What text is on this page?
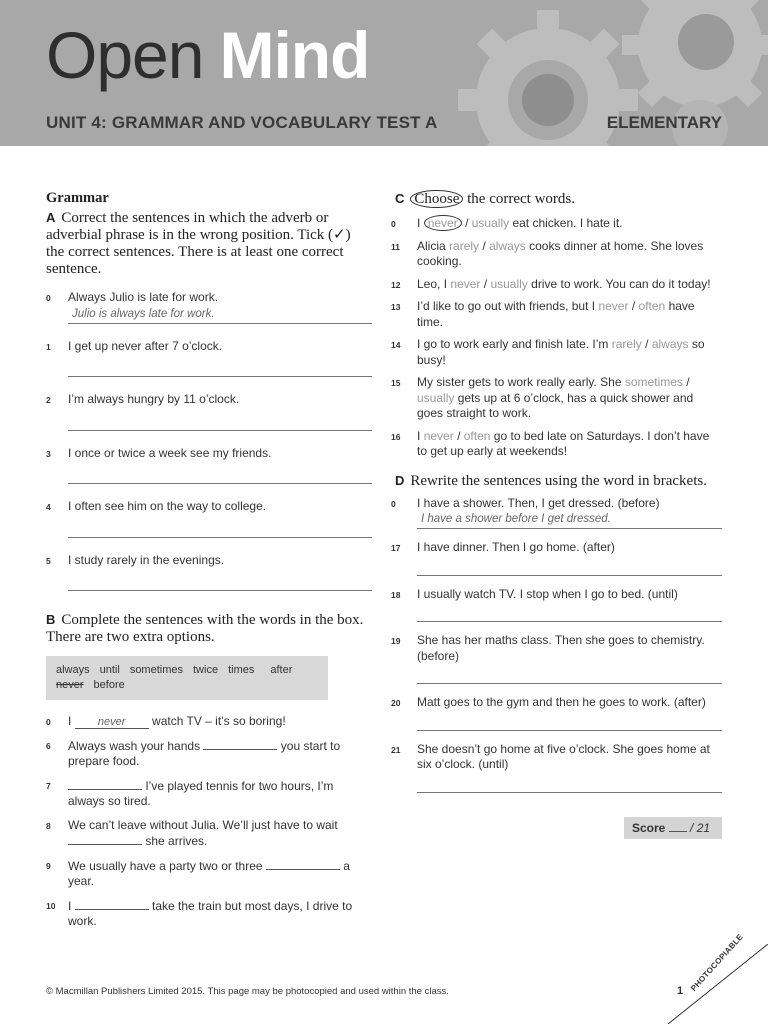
Open Mind
UNIT 4: GRAMMAR AND VOCABULARY TEST A	ELEMENTARY
Grammar
A Correct the sentences in which the adverb or adverbial phrase is in the wrong position. Tick (✓) the correct sentences. There is at least one correct sentence.
0	Always Julio is late for work.
Julio is always late for work.
1	I get up never after 7 o’clock.
2	I’m always hungry by 11 o’clock.
3	I once or twice a week see my friends.
4	I often see him on the way to college.
5	I study rarely in the evenings.
B Complete the sentences with the words in the box. There are two extra options.
always until sometimes twice times after
never before
0	I never watch TV – it’s so boring!
6	Always wash your hands	you start to prepare food.
7	I’ve played tennis for two hours, I’m always so tired.
8	We can’t leave without Julia. We’ll just have to wait  she arrives.
9	We usually have a party two or three	a year.
10	I	take the train but most days, I drive to work.
C Choose the correct words.
0	I never / usually eat chicken. I hate it.
11	Alicia rarely / always cooks dinner at home. She loves cooking.
12	Leo, I never / usually drive to work. You can do it today!
13	I’d like to go out with friends, but I never / often have time.
14	I go to work early and finish late. I’m rarely / always so busy!
15	My sister gets to work really early. She sometimes / usually gets up at 6 o’clock, has a quick shower and goes straight to work.
16	I never / often go to bed late on Saturdays. I don’t have to get up early at weekends!
D Rewrite the sentences using the word in brackets.
0	I have a shower. Then, I get dressed. (before)
I have a shower before I get dressed.
17	I have dinner. Then I go home. (after)
18	I usually watch TV. I stop when I go to bed. (until)
19	She has her maths class. Then she goes to chemistry. (before)
20	Matt goes to the gym and then he goes to work. (after)
21	She doesn’t go home at five o’clock. She goes home at six o’clock. (until)
Score / 21
© Macmillan Publishers Limited 2015. This page may be photocopied and used within the class.	1 PHOTOCOPIABLE
